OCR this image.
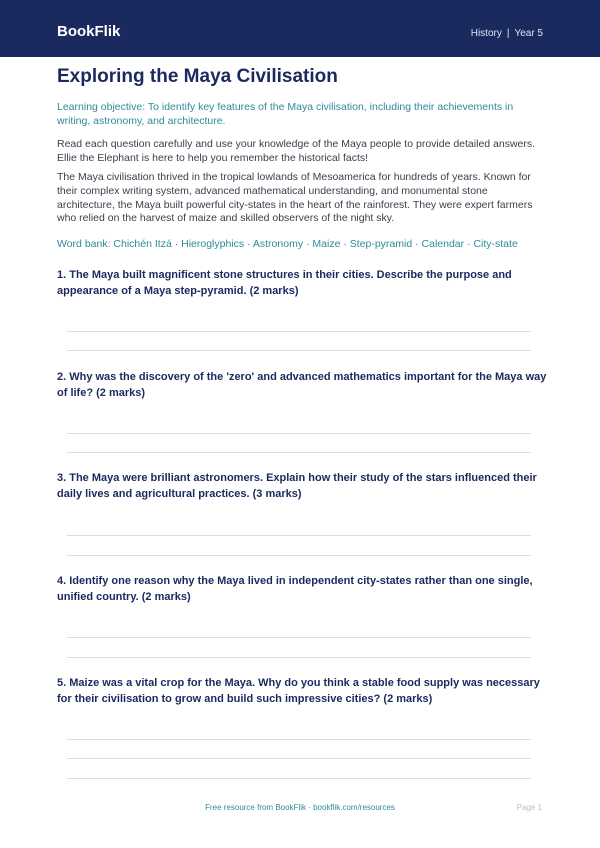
BookFlik	History | Year 5
Exploring the Maya Civilisation

Learning objective: To identify key features of the Maya civilisation, including their achievements in writing, astronomy, and architecture.

Read each question carefully and use your knowledge of the Maya people to provide detailed answers. Ellie the Elephant is here to help you remember the historical facts!

The Maya civilisation thrived in the tropical lowlands of Mesoamerica for hundreds of years. Known for their complex writing system, advanced mathematical understanding, and monumental stone architecture, the Maya built powerful city-states in the heart of the rainforest. They were expert farmers who relied on the harvest of maize and skilled observers of the night sky.

Word bank: Chichén Itzá · Hieroglyphics · Astronomy · Maize · Step-pyramid · Calendar · City-state

1. The Maya built magnificent stone structures in their cities. Describe the purpose and appearance of a Maya step-pyramid. (2 marks)

2. Why was the discovery of the 'zero' and advanced mathematics important for the Maya way of life? (2 marks)

3. The Maya were brilliant astronomers. Explain how their study of the stars influenced their daily lives and agricultural practices. (3 marks)

4. Identify one reason why the Maya lived in independent city-states rather than one single, unified country. (2 marks)

5. Maize was a vital crop for the Maya. Why do you think a stable food supply was necessary for their civilisation to grow and build such impressive cities? (2 marks)

Free resource from BookFlik · bookflik.com/resources	Page 1
